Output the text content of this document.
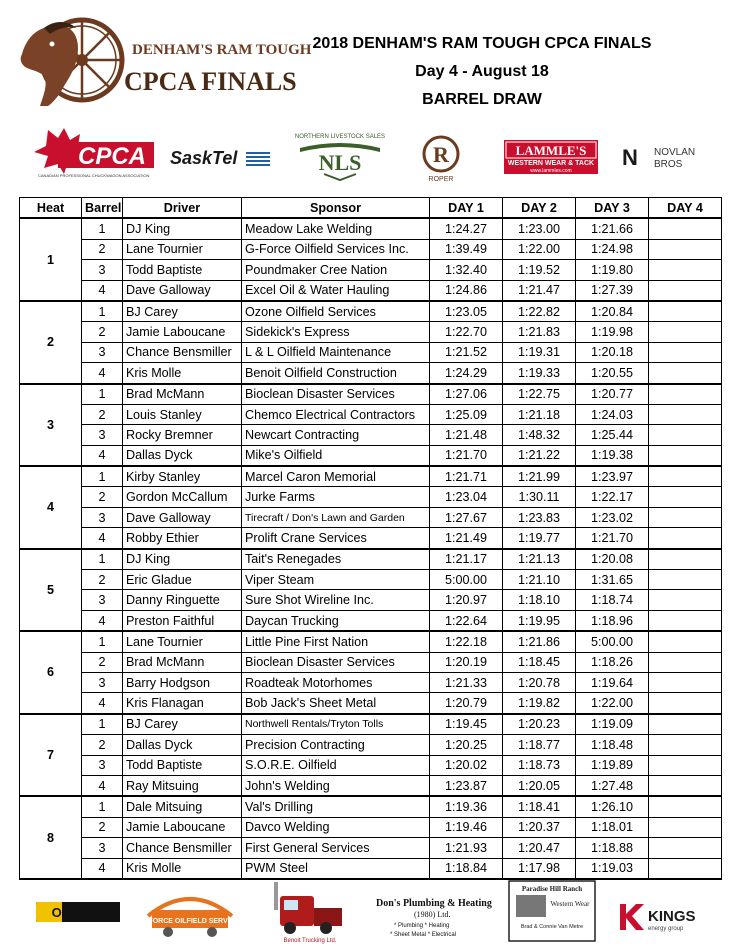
DENHAM'S RAM TOUGH
CPCA FINALS
2018 DENHAM'S RAM TOUGH CPCA FINALS
Day 4 - August 18
BARREL DRAW
CPCA
CANADIAN PROFESSIONAL CHUCKWAGON ASSOCIATION
SaskTel
NORTHERN LIVESTOCK SALES
NLS	R
ROPER
LAMMLE'S
WESTERN WEAR & TACK
www.lammles.com
N NOVLAN
BROS
Heat	Barrel	Driver	Sponsor	DAY 1	DAY 2	DAY 3	DAY 4
1	1	DJ King	Meadow Lake Welding	1:24.27	1:23.00	1:21.66	
	2	Lane Tournier	G-Force Oilfield Services Inc.	1:39.49	1:22.00	1:24.98	
	3	Todd Baptiste	Poundmaker Cree Nation	1:32.40	1:19.52	1:19.80	
	4	Dave Galloway	Excel Oil & Water Hauling	1:24.86	1:21.47	1:27.39	
2	1	BJ Carey	Ozone Oilfield Services	1:23.05	1:22.82	1:20.84	
	2	Jamie Laboucane	Sidekick's Express	1:22.70	1:21.83	1:19.98	
	3	Chance Bensmiller	L & L Oilfield Maintenance	1:21.52	1:19.31	1:20.18	
	4	Kris Molle	Benoit Oilfield Construction	1:24.29	1:19.33	1:20.55	
3	1	Brad McMann	Bioclean Disaster Services	1:27.06	1:22.75	1:20.77	
	2	Louis Stanley	Chemco Electrical Contractors	1:25.09	1:21.18	1:24.03	
	3	Rocky Bremner	Newcart Contracting	1:21.48	1:48.32	1:25.44	
	4	Dallas Dyck	Mike's Oilfield	1:21.70	1:21.22	1:19.38	
4	1	Kirby Stanley	Marcel Caron Memorial	1:21.71	1:21.99	1:23.97	
	2	Gordon McCallum	Jurke Farms	1:23.04	1:30.11	1:22.17	
	3	Dave Galloway	Tirecraft / Don's Lawn and Garden	1:27.67	1:23.83	1:23.02	
	4	Robby Ethier	Prolift Crane Services	1:21.49	1:19.77	1:21.70	
5	1	DJ King	Tait's Renegades	1:21.17	1:21.13	1:20.08	
	2	Eric Gladue	Viper Steam	5:00.00	1:21.10	1:31.65	
	3	Danny Ringuette	Sure Shot Wireline Inc.	1:20.97	1:18.10	1:18.74	
	4	Preston Faithful	Daycan Trucking	1:22.64	1:19.95	1:18.96	
6	1	Lane Tournier	Little Pine First Nation	1:22.18	1:21.86	5:00.00	
	2	Brad McMann	Bioclean Disaster Services	1:20.19	1:18.45	1:18.26	
	3	Barry Hodgson	Roadteak Motorhomes	1:21.33	1:20.78	1:19.64	
	4	Kris Flanagan	Bob Jack's Sheet Metal	1:20.79	1:19.82	1:22.00	
7	1	BJ Carey	Northwell Rentals/Tryton Tolls	1:19.45	1:20.23	1:19.09	
	2	Dallas Dyck	Precision Contracting	1:20.25	1:18.77	1:18.48	
	3	Todd Baptiste	S.O.R.E. Oilfield	1:20.02	1:18.73	1:19.89	
	4	Ray Mitsuing	John's Welding	1:23.87	1:20.05	1:27.48	
8	1	Dale Mitsuing	Val's Drilling	1:19.36	1:18.41	1:26.10	
	2	Jamie Laboucane	Davco Welding	1:19.46	1:20.37	1:18.01	
	3	Chance Bensmiller	First General Services	1:21.93	1:20.47	1:18.88	
	4	Kris Molle	PWM Steel	1:18.84	1:17.98	1:19.03	
OK TIRE
G-FORCE OILFIELD SERVICE
Benoit Trucking Ltd.
Don's Plumbing & Heating
(1980) Ltd.
* Plumbing * Heating
* Sheet Metal * Electrical
Paradise Hill Ranch
Western Wear
Brad & Connie Van Metre
KINGS
energy group
